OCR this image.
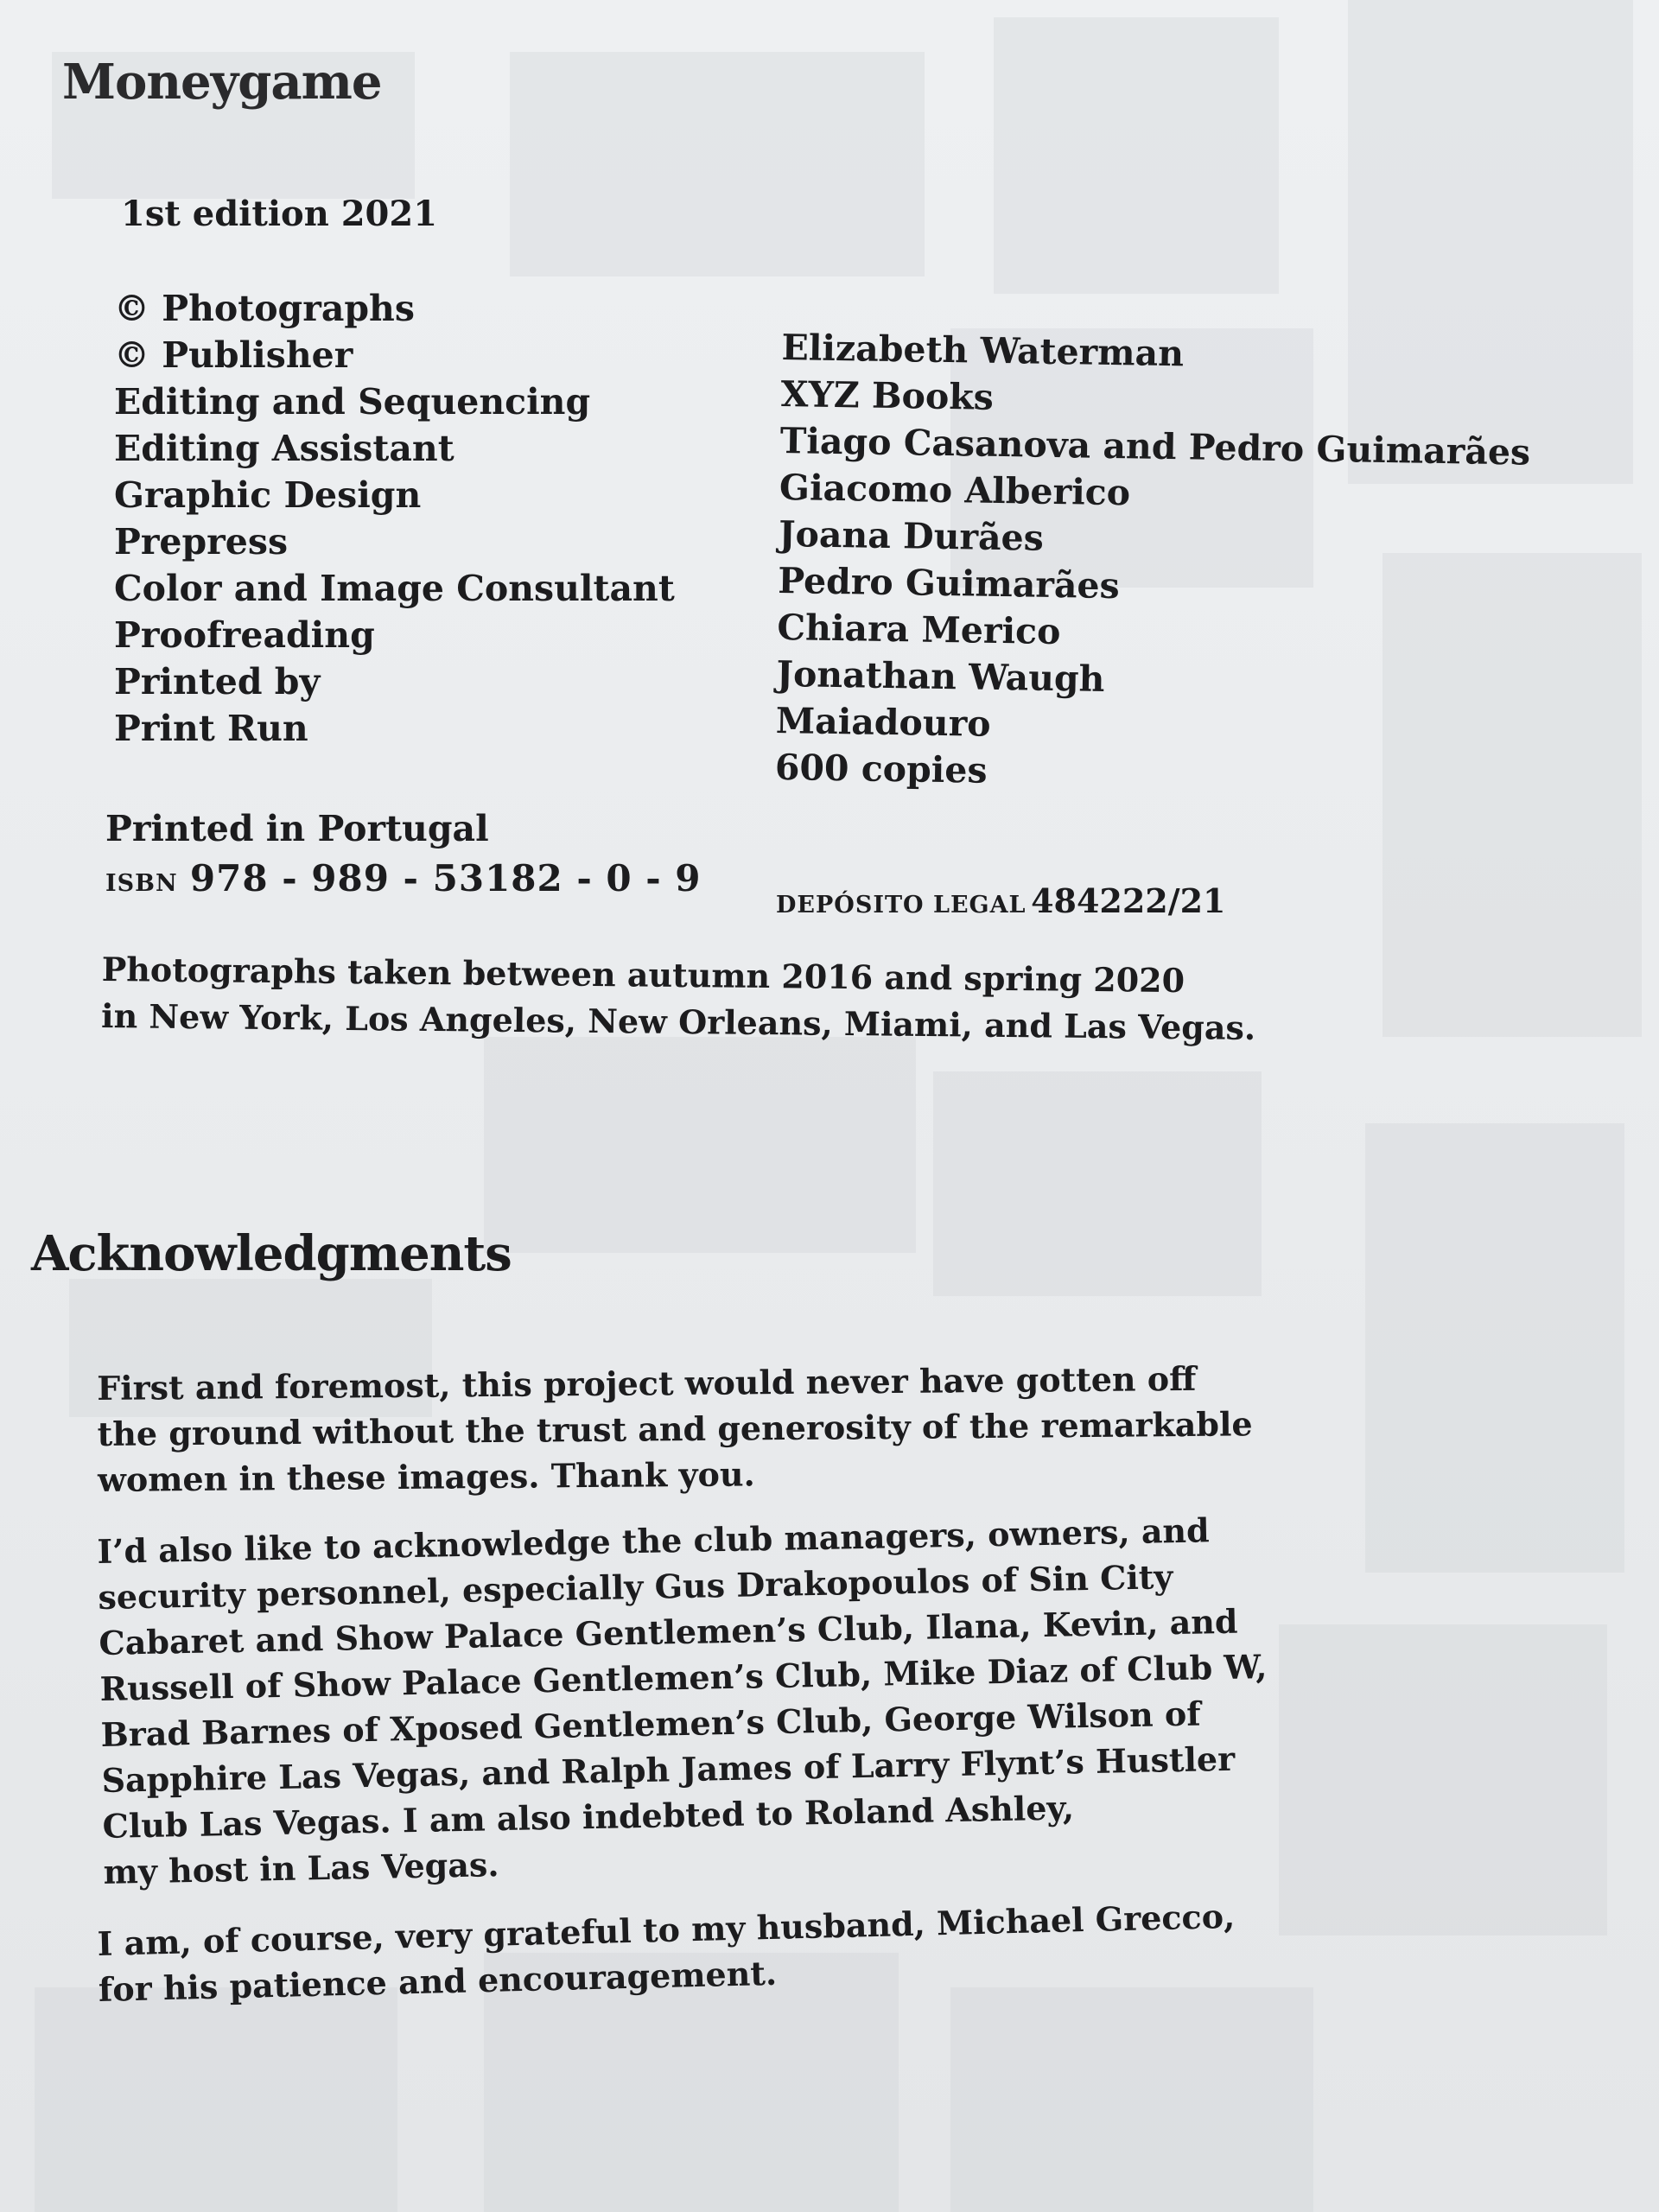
Moneygame
1st edition 2021
© Photographs
© Publisher
Editing and Sequencing
Editing Assistant
Graphic Design
Prepress
Color and Image Consultant
Proofreading
Printed by
Print Run
Elizabeth Waterman
XYZ Books
Tiago Casanova and Pedro Guimarães
Giacomo Alberico
Joana Durães
Pedro Guimarães
Chiara Merico
Jonathan Waugh
Maiadouro
600 copies
Printed in Portugal
ISBN 978 - 989 - 53182 - 0 - 9
DEPÓSITO LEGAL 484222/21
Photographs taken between autumn 2016 and spring 2020
in New York, Los Angeles, New Orleans, Miami, and Las Vegas.
Acknowledgments

First and foremost, this project would never have gotten off
the ground without the trust and generosity of the remarkable
women in these images. Thank you.

I’d also like to acknowledge the club managers, owners, and
security personnel, especially Gus Drakopoulos of Sin City
Cabaret and Show Palace Gentlemen’s Club, Ilana, Kevin, and
Russell of Show Palace Gentlemen’s Club, Mike Diaz of Club W,
Brad Barnes of Xposed Gentlemen’s Club, George Wilson of
Sapphire Las Vegas, and Ralph James of Larry Flynt’s Hustler
Club Las Vegas. I am also indebted to Roland Ashley,
my host in Las Vegas.

I am, of course, very grateful to my husband, Michael Grecco,
for his patience and encouragement.
